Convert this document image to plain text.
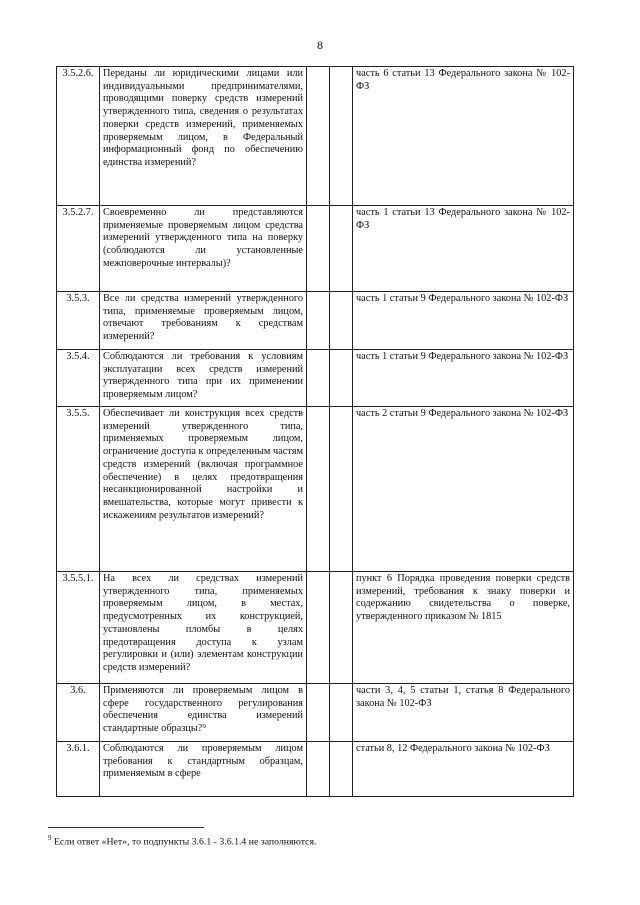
8
3.5.2.6.	Переданы ли юридическими лицами или индивидуальными предпринимателями, проводящими поверку средств измерений утвержденного типа, сведения о результатах поверки средств измерений, применяемых проверяемым лицом, в Федеральный информационный фонд по обеспечению единства измерений?			часть 6 статьи 13 Федерального закона № 102-ФЗ
3.5.2.7.	Своевременно ли представляются применяемые проверяемым лицом средства измерений утвержденного типа на поверку (соблюдаются ли установленные межповерочные интервалы)?			часть 1 статьи 13 Федерального закона № 102-ФЗ
3.5.3.	Все ли средства измерений утвержденного типа, применяемые проверяемым лицом, отвечают требованиям к средствам измерений?			часть 1 статьи 9 Федерального закона № 102-ФЗ
3.5.4.	Соблюдаются ли требования к условиям эксплуатации всех средств измерений утвержденного типа при их применении проверяемым лицом?			часть 1 статьи 9 Федерального закона № 102-ФЗ
3.5.5.	Обеспечивает ли конструкция всех средств измерений утвержденного типа, применяемых проверяемым лицом, ограничение доступа к определенным частям средств измерений (включая программное обеспечение) в целях предотвращения несанкционированной настройки и вмешательства, которые могут привести к искажениям результатов измерений?			часть 2 статьи 9 Федерального закона № 102-ФЗ
3.5.5.1.	На всех ли средствах измерений утвержденного типа, применяемых проверяемым лицом, в местах, предусмотренных их конструкцией, установлены пломбы в целях предотвращения доступа к узлам регулировки и (или) элементам конструкции средств измерений?			пункт 6 Порядка проведения поверки средств измерений, требования к знаку поверки и содержанию свидетельства о поверке, утвержденного приказом № 1815
3.6.	Применяются ли проверяемым лицом в сфере государственного регулирования обеспечения единства измерений стандартные образцы?⁹			части 3, 4, 5 статьи 1, статья 8 Федерального закона № 102-ФЗ
3.6.1.	Соблюдаются ли проверяемым лицом требования к стандартным образцам, применяемым в сфере			статьи 8, 12 Федерального закона № 102-ФЗ
$^9$ Если ответ «Нет», то подпункты 3.6.1 - 3.6.1.4 не заполняются.
